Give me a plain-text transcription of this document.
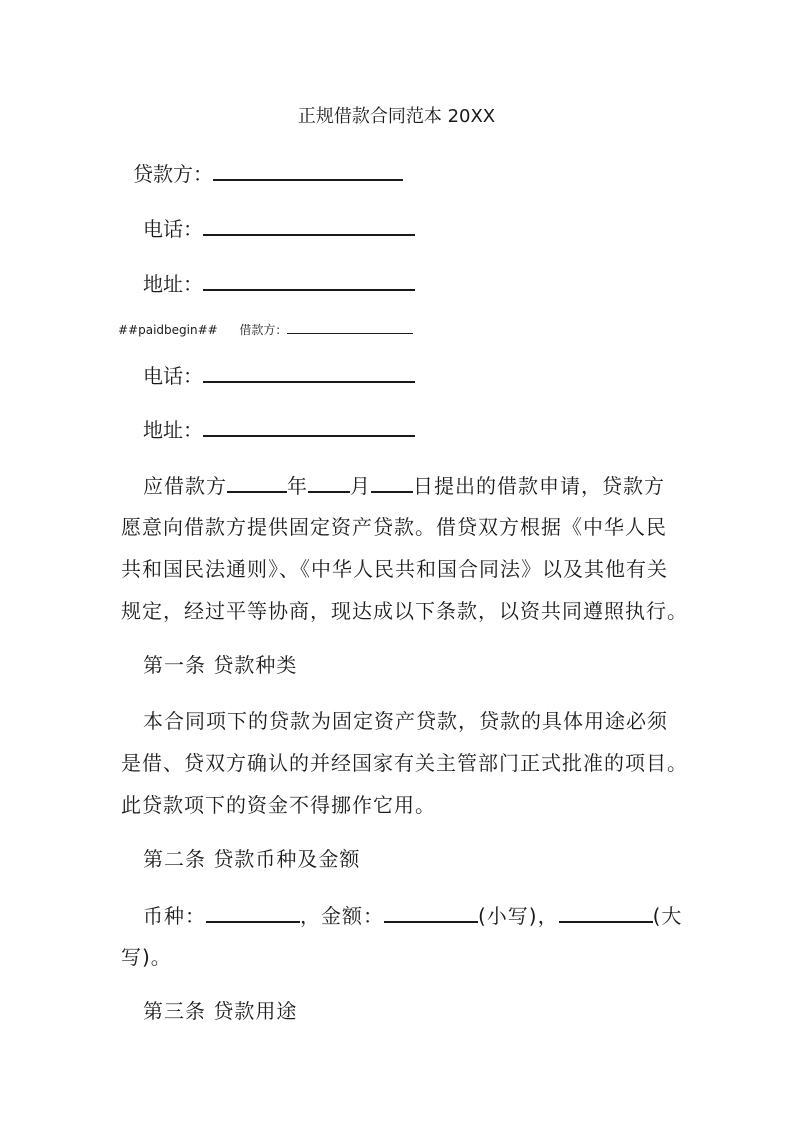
正规借款合同范本 20XX
贷款方：
电话：
地址：
##paidbegin## 借款方：
电话：
地址：
应借款方	年 月 日提出的借款申请，贷款方
愿意向借款方提供固定资产贷款。借贷双方根据《中华人民
共和国民法通则》、《中华人民共和国合同法》以及其他有关
规定，经过平等协商，现达成以下条款，以资共同遵照执行。
第一条 贷款种类
本合同项下的贷款为固定资产贷款，贷款的具体用途必须
是借、贷双方确认的并经国家有关主管部门正式批准的项目。
此贷款项下的资金不得挪作它用。
第二条 贷款币种及金额
币种：	，金额：	(小写)，	(大
写)。
第三条 贷款用途
